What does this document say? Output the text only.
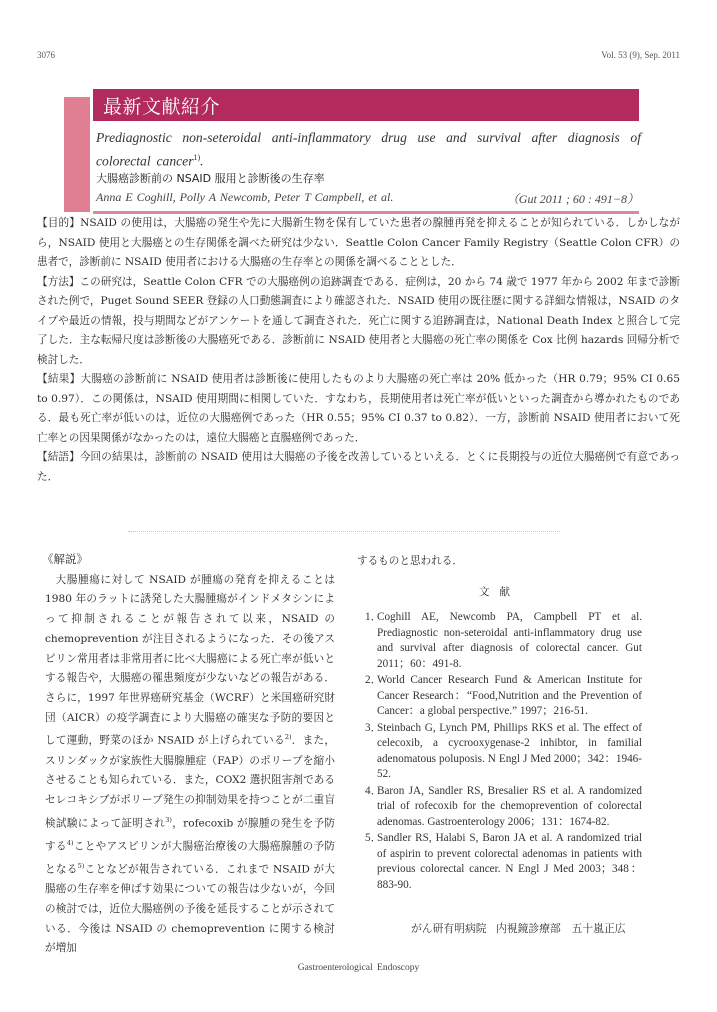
3076	Vol. 53 (9), Sep. 2011
最新文献紹介
Prediagnostic non-seteroidal anti-inflammatory drug use and survival after diagnosis of colorectal cancer$^{1)}$.
大腸癌診断前の NSAID 服用と診断後の生存率
Anna E Coghill, Polly A Newcomb, Peter T Campbell, et al.	（Gut 2011 ; 60 : 491−8）

【目的】NSAID の使用は，大腸癌の発生や先に大腸新生物を保有していた患者の腺腫再発を抑えることが知られている．しかしながら，NSAID 使用と大腸癌との生存関係を調べた研究は少ない．Seattle Colon Cancer Family Registry（Seattle Colon CFR）の患者で，診断前に NSAID 使用者における大腸癌の生存率との関係を調べることとした．

【方法】この研究は，Seattle Colon CFR での大腸癌例の追跡調査である．症例は，20 から 74 歳で 1977 年から 2002 年まで診断された例で，Puget Sound SEER 登録の人口動態調査により確認された．NSAID 使用の既往歴に関する詳細な情報は，NSAID のタイプや最近の情報，投与期間などがアンケートを通して調査された．死亡に関する追跡調査は，National Death Index と照合して完了した．主な転帰尺度は診断後の大腸癌死である．診断前に NSAID 使用者と大腸癌の死亡率の関係を Cox 比例 hazards 回帰分析で検討した．

【結果】大腸癌の診断前に NSAID 使用者は診断後に使用したものより大腸癌の死亡率は 20% 低かった（HR 0.79；95% CI 0.65 to 0.97）．この関係は，NSAID 使用期間に相関していた．すなわち，長期使用者は死亡率が低いといった調査から導かれたものである．最も死亡率が低いのは，近位の大腸癌例であった（HR 0.55；95% CI 0.37 to 0.82）．一方，診断前 NSAID 使用者において死亡率との因果関係がなかったのは，遠位大腸癌と直腸癌例であった．

【結語】今回の結果は，診断前の NSAID 使用は大腸癌の予後を改善しているといえる．とくに長期投与の近位大腸癌例で有意であった．

《解説》

大腸腫瘍に対して NSAID が腫瘍の発育を抑えることは 1980 年のラットに誘発した大腸腫瘍がインドメタシンによって抑制されることが報告されて以来，NSAID の chemoprevention が注目されるようになった．その後アスピリン常用者は非常用者に比べ大腸癌による死亡率が低いとする報告や，大腸癌の罹患頻度が少ないなどの報告がある．さらに，1997 年世界癌研究基金（WCRF）と米国癌研究財団（AICR）の疫学調査により大腸癌の確実な予防的要因として運動，野菜のほか NSAID が上げられている$^{2)}$．また，スリンダックが家族性大腸腺腫症（FAP）のポリープを縮小させることも知られている．また，COX2 選択阻害剤であるセレコキシブがポリープ発生の抑制効果を持つことが二重盲検試験によって証明され$^{3)}$，rofecoxib が腺腫の発生を予防する$^{4)}$ことやアスピリンが大腸癌治療後の大腸癌腺腫の予防となる$^{5)}$ことなどが報告されている．これまで NSAID が大腸癌の生存率を伸ばす効果についての報告は少ないが，今回の検討では，近位大腸癌例の予後を延長することが示されている．今後は NSAID の chemoprevention に関する検討が増加

するものと思われる．

文献
1．
Coghill AE, Newcomb PA, Campbell PT et al. Prediagnostic non-seteroidal anti-inflammatory drug use and survival after diagnosis of colorectal cancer. Gut 2011；60：491-8.
2．
World Cancer Research Fund & American Institute for Cancer Research：“Food,Nutrition and the Prevention of Cancer：a global perspective.” 1997；216-51.
3．
Steinbach G, Lynch PM, Phillips RKS et al. The effect of celecoxib, a cycrooxygenase-2 inhibtor, in familial adenomatous poluposis. N Engl J Med 2000；342：1946-52.
4．
Baron JA, Sandler RS, Bresalier RS et al. A randomized trial of rofecoxib for the chemoprevention of colorectal adenomas. Gastroenterology 2006；131：1674-82.
5．
Sandler RS, Halabi S, Baron JA et al. A randomized trial of aspirin to prevent colorectal adenomas in patients with previous colorectal cancer. N Engl J Med 2003；348：883-90.
がん研有明病院 内視鏡診療部　五十嵐正広
Gastroenterological Endoscopy
